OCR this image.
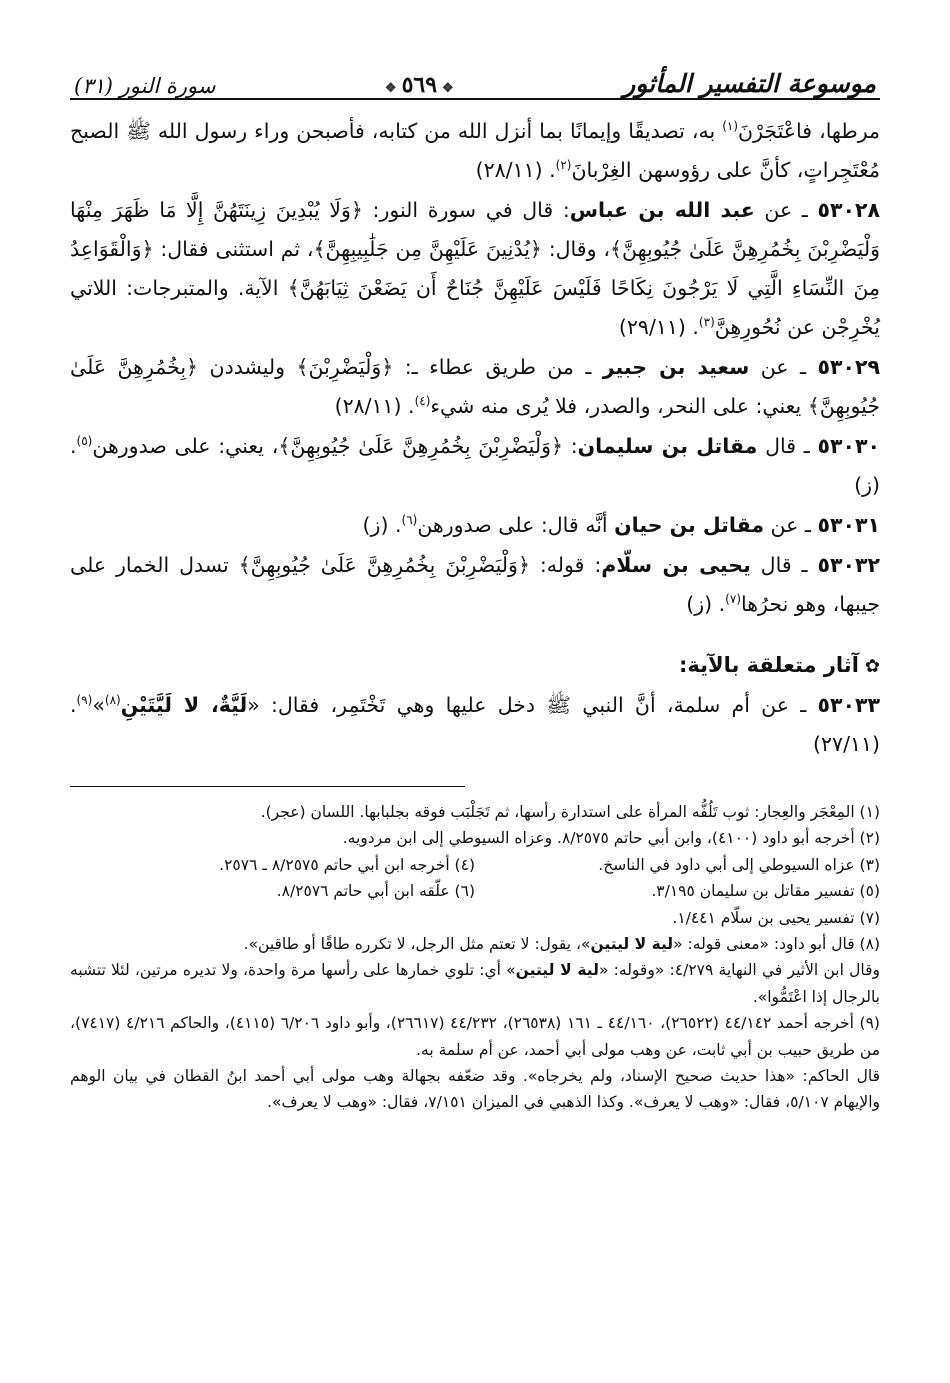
موسوعة التفسير المأثور
❖٥٦٩❖
سورة النور (٣١)

مرطها، فاعْتَجَرْنَ$^{(١)}$ به، تصديقًا وإيمانًا بما أنزل الله من كتابه، فأصبحن وراء رسول الله ﷺ الصبح مُعْتَجِراتٍ، كأنَّ على رؤوسهن الغِرْبانَ$^{(٢)}$. (٢٨/١١)

٥٣٠٢٨ ـ عن عبد الله بن عباس: قال في سورة النور: ﴿وَلَا يُبْدِينَ زِينَتَهُنَّ إِلَّا مَا ظَهَرَ مِنْهَا وَلْيَضْرِبْنَ بِخُمُرِهِنَّ عَلَىٰ جُيُوبِهِنَّ﴾، وقال: ﴿يُدْنِينَ عَلَيْهِنَّ مِن جَلَٰبِيبِهِنَّ﴾، ثم استثنى فقال: ﴿وَالْقَوَاعِدُ مِنَ النِّسَاءِ الَّتِي لَا يَرْجُونَ نِكَاحًا فَلَيْسَ عَلَيْهِنَّ جُنَاحٌ أَن يَضَعْنَ ثِيَابَهُنَّ﴾ الآية. والمتبرجات: اللاتي يُخْرِجْن عن نُحُورِهِنَّ$^{(٣)}$. (٢٩/١١)

٥٣٠٢٩ ـ عن سعيد بن جبير ـ من طريق عطاء ـ: ﴿وَلْيَضْرِبْنَ﴾ وليشددن ﴿بِخُمُرِهِنَّ عَلَىٰ جُيُوبِهِنَّ﴾ يعني: على النحر، والصدر، فلا يُرى منه شيء$^{(٤)}$. (٢٨/١١)

٥٣٠٣٠ ـ قال مقاتل بن سليمان: ﴿وَلْيَضْرِبْنَ بِخُمُرِهِنَّ عَلَىٰ جُيُوبِهِنَّ﴾، يعني: على صدورهن$^{(٥)}$. (ز)

٥٣٠٣١ ـ عن مقاتل بن حيان أنَّه قال: على صدورهن$^{(٦)}$. (ز)

٥٣٠٣٢ ـ قال يحيى بن سلّام: قوله: ﴿وَلْيَضْرِبْنَ بِخُمُرِهِنَّ عَلَىٰ جُيُوبِهِنَّ﴾ تسدل الخمار على جيبها، وهو نحرُها$^{(٧)}$. (ز)

✿آثار متعلقة بالآية:

٥٣٠٣٣ ـ عن أم سلمة، أنَّ النبي ﷺ دخل عليها وهي تَخْتَمِر، فقال: «لَيَّةٌ، لا لَيَّتَيْنِ$^{(٨)}$»$^{(٩)}$. (٢٧/١١)

(١) المِعْجَر والعِجار: ثوب تَلُفُّه المرأة على استدارة رأسها، ثم تَجَلْبَب فوقه بجلبابها. اللسان (عجر).

(٢) أخرجه أبو داود (٤١٠٠)، وابن أبي حاتم ٨/٢٥٧٥. وعزاه السيوطي إلى ابن مردويه.

(٣) عزاه السيوطي إلى أبي داود في الناسخ.
(٤) أخرجه ابن أبي حاتم ٨/٢٥٧٥ ـ ٢٥٧٦.
(٥) تفسير مقاتل بن سليمان ٣/١٩٥.
(٦) علّقه ابن أبي حاتم ٨/٢٥٧٦.

(٧) تفسير يحيى بن سلّام ١/٤٤١.

(٨) قال أبو داود: «معنى قوله: «لية لا ليتين»، يقول: لا تعتم مثل الرجل، لا تكرره طاقًا أو طاقين».

وقال ابن الأثير في النهاية ٤/٢٧٩: «وقوله: «لية لا ليتين» أي: تلوي خمارها على رأسها مرة واحدة، ولا تديره مرتين، لئلا تتشبه بالرجال إذا اعْتَمُّوا».

(٩) أخرجه أحمد ٤٤/١٤٢ (٢٦٥٢٢)، ٤٤/١٦٠ ـ ١٦١ (٢٦٥٣٨)، ٤٤/٢٣٢ (٢٦٦١٧)، وأبو داود ٦/٢٠٦ (٤١١٥)، والحاكم ٤/٢١٦ (٧٤١٧)، من طريق حبيب بن أبي ثابت، عن وهب مولى أبي أحمد، عن أم سلمة به.

قال الحاكم: «هذا حديث صحيح الإسناد، ولم يخرجاه». وقد ضعّفه بجهالة وهب مولى أبي أحمد ابنُ القطان في بيان الوهم والإيهام ٥/١٠٧، فقال: «وهب لا يعرف». وكذا الذهبي في الميزان ٧/١٥١، فقال: «وهب لا يعرف».
